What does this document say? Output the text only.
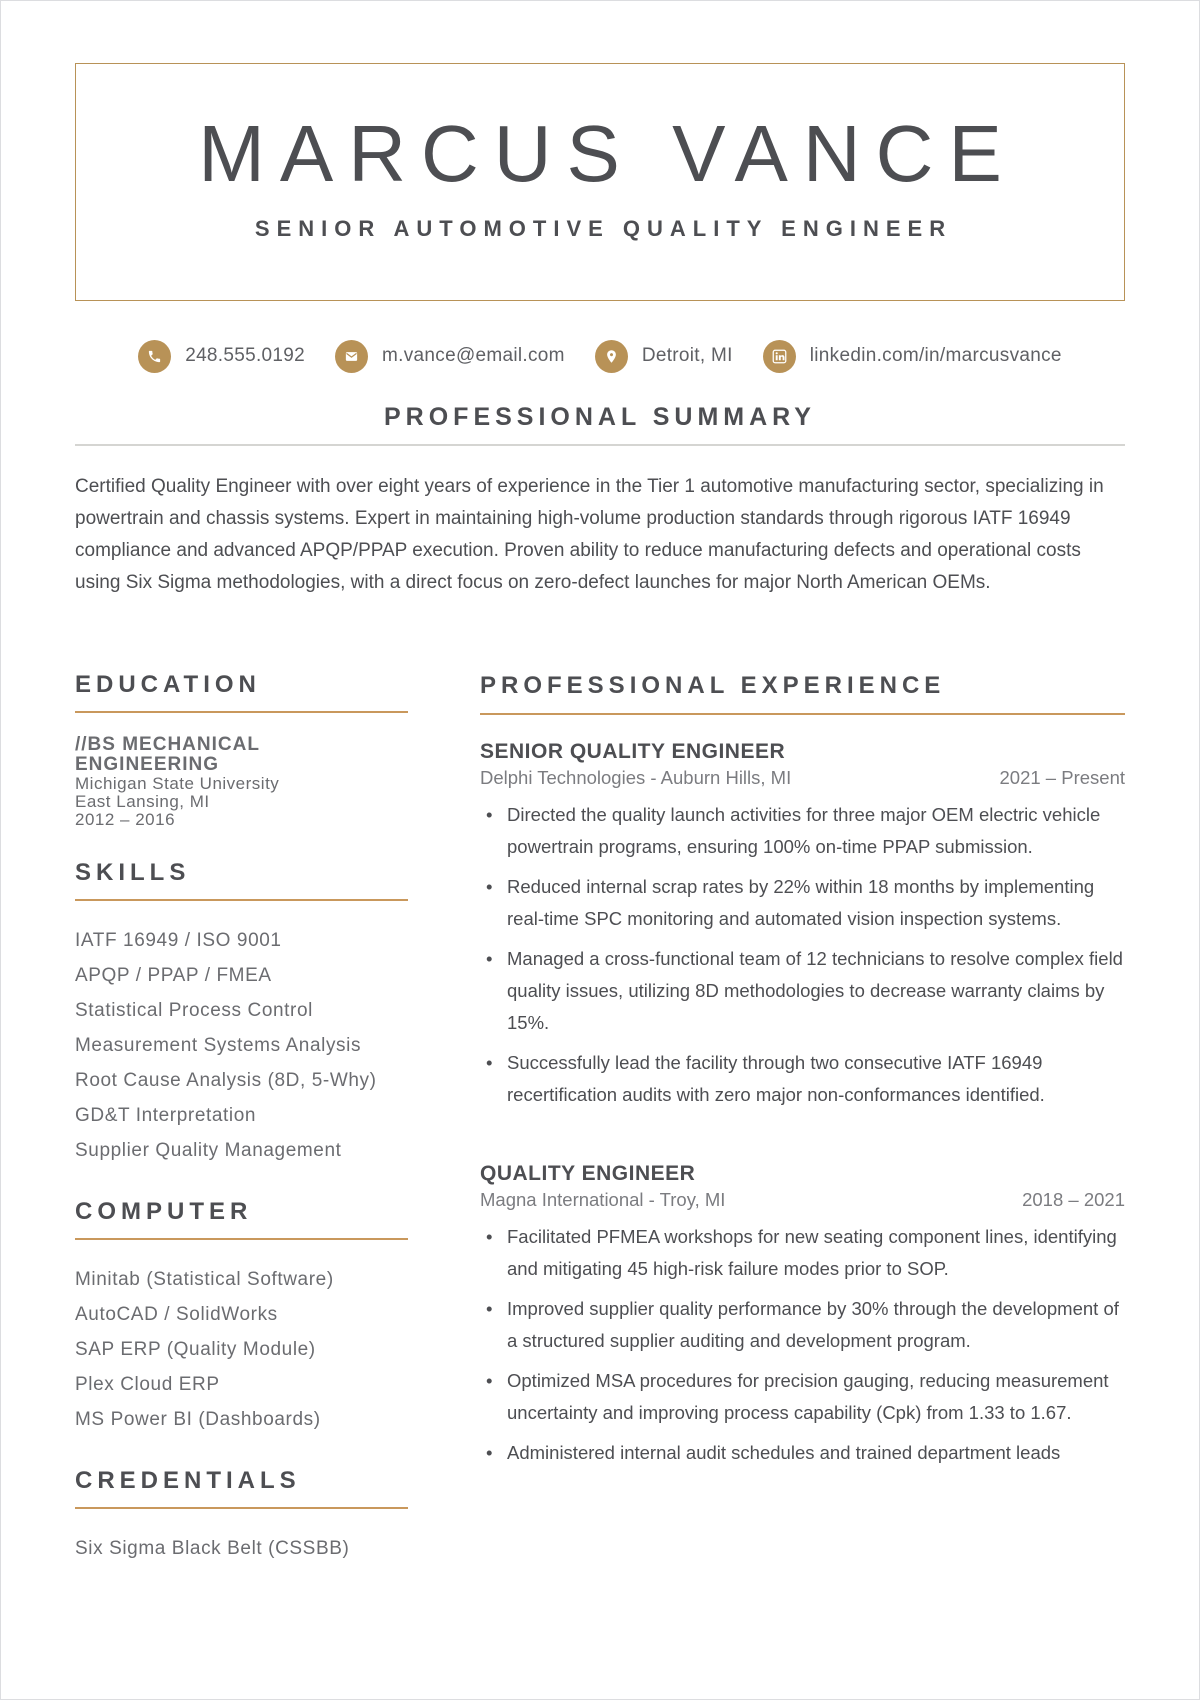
MARCUS VANCE
SENIOR AUTOMOTIVE QUALITY ENGINEER
248.555.0192	m.vance@email.com	Detroit, MI	linkedin.com/in/marcusvance
PROFESSIONAL SUMMARY

Certified Quality Engineer with over eight years of experience in the Tier 1 automotive manufacturing sector, specializing in powertrain and chassis systems. Expert in maintaining high-volume production standards through rigorous IATF 16949 compliance and advanced APQP/PPAP execution. Proven ability to reduce manufacturing defects and operational costs using Six Sigma methodologies, with a direct focus on zero-defect launches for major North American OEMs.

EDUCATION
//BS MECHANICAL ENGINEERING
Michigan State University
East Lansing, MI
2012 – 2016
SKILLS
IATF 16949 / ISO 9001
APQP / PPAP / FMEA
Statistical Process Control
Measurement Systems Analysis
Root Cause Analysis (8D, 5-Why)
GD&T Interpretation
Supplier Quality Management
COMPUTER
Minitab (Statistical Software)
AutoCAD / SolidWorks
SAP ERP (Quality Module)
Plex Cloud ERP
MS Power BI (Dashboards)
CREDENTIALS
Six Sigma Black Belt (CSSBB)
PROFESSIONAL EXPERIENCE
SENIOR QUALITY ENGINEER
Delphi Technologies - Auburn Hills, MI	2021 – Present
• Directed the quality launch activities for three major OEM electric vehicle powertrain programs, ensuring 100% on-time PPAP submission.
• Reduced internal scrap rates by 22% within 18 months by implementing real-time SPC monitoring and automated vision inspection systems.
• Managed a cross-functional team of 12 technicians to resolve complex field quality issues, utilizing 8D methodologies to decrease warranty claims by 15%.
• Successfully lead the facility through two consecutive IATF 16949 recertification audits with zero major non-conformances identified.
QUALITY ENGINEER
Magna International - Troy, MI	2018 – 2021
• Facilitated PFMEA workshops for new seating component lines, identifying and mitigating 45 high-risk failure modes prior to SOP.
• Improved supplier quality performance by 30% through the development of a structured supplier auditing and development program.
• Optimized MSA procedures for precision gauging, reducing measurement uncertainty and improving process capability (Cpk) from 1.33 to 1.67.
• Administered internal audit schedules and trained department leads
